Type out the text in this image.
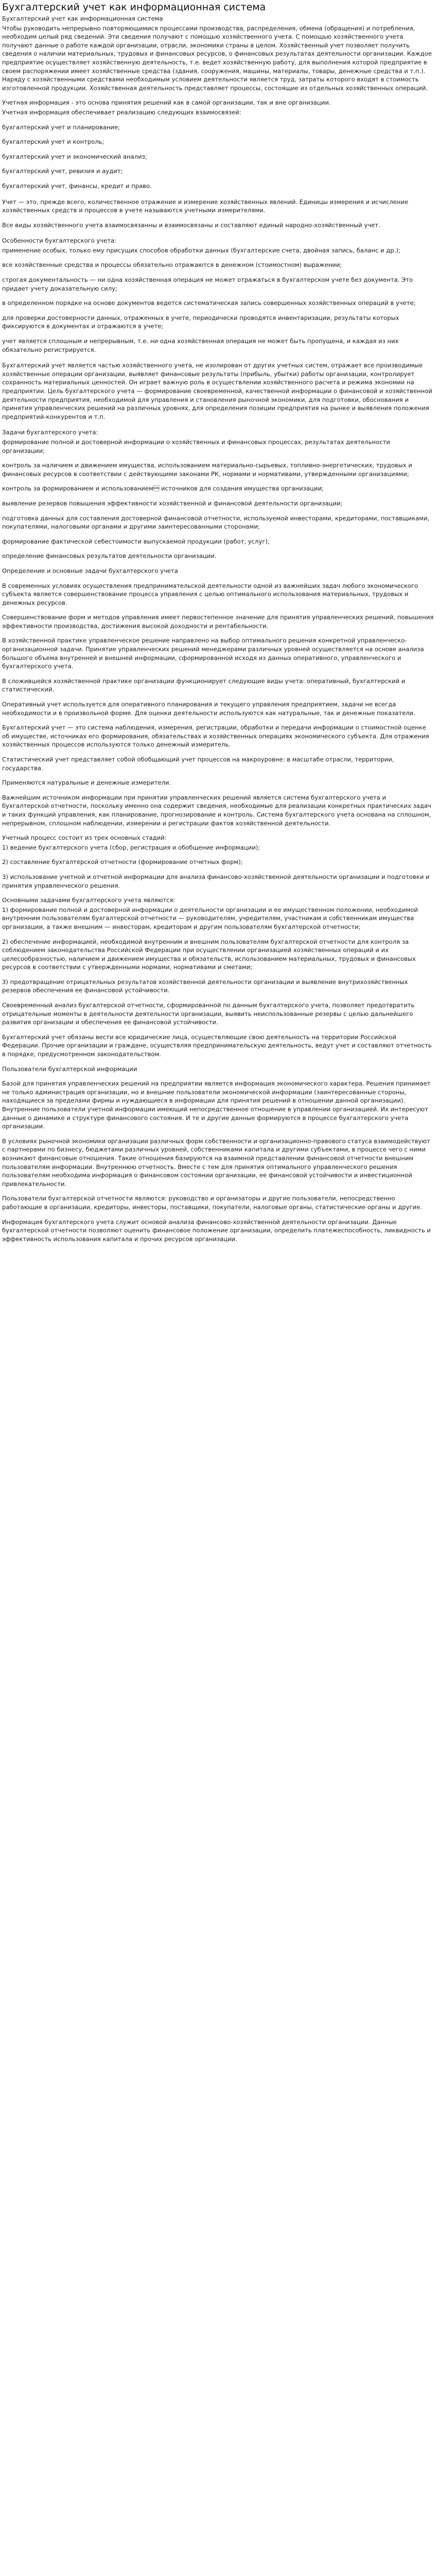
Бухгалтерский учет как информационная система

Бухгалтерский учет как информационная система

Чтобы руководить непрерывно повторяющимися процессами производства, распределения, обмена (обращения) и потребления, необходим целый ряд сведений. Эти сведения получают с помощью хозяйственного учета. С помощью хозяйственного учета получают данные о работе каждой организации, отрасли, экономики страны в целом. Хозяйственный учет позволяет получить сведения о наличии материальных, трудовых и финансовых ресурсов, о финансовых результатах деятельности организации. Каждое предприятие осуществляет хозяйственную деятельность, т.е. ведет хозяйственную работу, для выполнения которой предприятие в своем распоряжении имеет хозяйственные средства (здания, сооружения, машины, материалы, товары, денежные средства и т.п.). Наряду с хозяйственными средствами необходимым условием деятельности является труд, затраты которого входят в стоимость изготовленной продукции. Хозяйственная деятельность представляет процессы, состоящие из отдельных хозяйственных операций.

Учетная информация - это основа принятия решений как в самой организации, так и вне организации.

Учетная информация обеспечивает реализацию следующих взаимосвязей:

бухгалтерский учет и планирование;

бухгалтерский учет и контроль;

бухгалтерский учет и экономический анализ;

бухгалтерский учет, ревизия и аудит;

бухгалтерский учет, финансы, кредит и право.

Учет — это, прежде всего, количественное отражение и измерение хозяйственных явлений. Единицы измерения и исчисление хозяйственных средств и процессов в учете называются учетными измерителями.

Все виды хозяйственного учета взаимосвязанны и взаимосвязаны и составляют единый народно-хозяйственный учет.

Особенности бухгалтерского учета:

применение особых, только ему присущих способов обработки данных (бухгалтерские счета, двойная запись, баланс и др.);

все хозяйственные средства и процессы обязательно отражаются в денежном (стоимостном) выражении;

строгая документальность — ни одна хозяйственная операция не может отражаться в бухгалтерском учете без документа. Это придает учету доказательную силу;

в определенном порядке на основе документов ведется систематическая запись совершенных хозяйственных операций в учете;

для проверки достоверности данных, отраженных в учете, периодически проводятся инвентаризации, результаты которых фиксируются в документах и отражаются в учете;

учет является сплошным и непрерывным, т.е. ни одна хозяйственная операция не может быть пропущена, и каждая из них обязательно регистрируется.

Бухгалтерский учет является частью хозяйственного учета, не изолирован от других учетных систем, отражает все производимые хозяйственные операции организации, выявляет финансовые результаты (прибыль, убытки) работы организации, контролирует сохранность материальных ценностей. Он играет важную роль в осуществлении хозяйственного расчета и режима экономии на предприятии. Цель бухгалтерского учета — формирование своевременной, качественной информации о финансовой и хозяйственной деятельности предприятия, необходимой для управления и становления рыночной экономики, для подготовки, обоснования и принятия управленческих решений на различных уровнях, для определения позиции предприятия на рынке и выявления положения предприятий-конкурентов и т.п.

Задачи бухгалтерского учета:

формирование полной и достоверной информации о хозяйственных и финансовых процессах, результатах деятельности организации;

контроль за наличием и движением имущества, использованием материально-сырьевых, топливно-энергетических, трудовых и финансовых ресурсов в соответствии с действующими законами РК, нормами и нормативами, утвержденными организациями;

контроль за формированием и использованием источников для создания имущества организации;

выявление резервов повышения эффективности хозяйственной и финансовой деятельности организации;

подготовка данных для составления достоверной финансовой отчетности, используемой инвесторами, кредиторами, поставщиками, покупателями, налоговыми органами и другими заинтересованными сторонами;

формирование фактической себестоимости выпускаемой продукции (работ, услуг);

определение финансовых результатов деятельности организации.

Определение и основные задачи бухгалтерского учета

В современных условиях осуществления предпринимательской деятельности одной из важнейших задач любого экономического субъекта является совершенствование процесса управления с целью оптимального использования материальных, трудовых и денежных ресурсов.

Совершенствование форм и методов управления имеет первостепенное значение для принятия управленческих решений, повышения эффективности производства, достижения высокой доходности и рентабельности.

В хозяйственной практике управленческое решение направлено на выбор оптимального решения конкретной управленческо-организационной задачи. Принятие управленческих решений менеджерами различных уровней осуществляется на основе анализа большого объема внутренней и внешней информации, сформированной исходя из данных оперативного, управленческого и бухгалтерского учета.

В сложившейся хозяйственной практике организации функционирует следующие виды учета: оперативный, бухгалтерский и статистический.

Оперативный учет используется для оперативного планирования и текущего управления предприятием, задачи не всегда необходимости и в произвольной форме. Для оценки деятельности используются как натуральные, так и денежные показатели.

Бухгалтерский учет — это система наблюдения, измерения, регистрации, обработки и передачи информации о стоимостной оценке об имуществе, источниках его формирования, обязательствах и хозяйственных операциях экономического субъекта. Для отражения хозяйственных процессов используются только денежный измеритель.

Статистический учет представляет собой обобщающий учет процессов на макроуровне: в масштабе отрасли, территории, государства.

Применяются натуральные и денежные измерители.

Важнейшим источником информации при принятии управленческих решений является система бухгалтерского учета и бухгалтерской отчетности, поскольку именно она содержит сведения, необходимые для реализации конкретных практических задач и таких функций управления, как планирование, прогнозирование и контроль. Система бухгалтерского учета основана на сплошном, непрерывном, сплошном наблюдении, измерении и регистрации фактов хозяйственной деятельности.

Учетный процесс состоит из трех основных стадий:

1) ведение бухгалтерского учета (сбор, регистрация и обобщение информации);

2) составление бухгалтерской отчетности (формирование отчетных форм);

3) использование учетной и отчетной информации для анализа финансово-хозяйственной деятельности организации и подготовки и принятия управленческого решения.

Основными задачами бухгалтерского учета являются:

1) формирование полной и достоверной информации о деятельности организации и ее имущественном положении, необходимой внутренним пользователям бухгалтерской отчетности — руководителям, учредителям, участникам и собственникам имущества организации, а также внешним — инвесторам, кредиторам и другим пользователям бухгалтерской отчетности;

2) обеспечение информацией, необходимой внутренним и внешним пользователям бухгалтерской отчетности для контроля за соблюдением законодательства Российской Федерации при осуществлении организацией хозяйственных операций и их целесообразностью, наличием и движением имущества и обязательств, использованием материальных, трудовых и финансовых ресурсов в соответствии с утвержденными нормами, нормативами и сметами;

3) предотвращение отрицательных результатов хозяйственной деятельности организации и выявление внутрихозяйственных резервов обеспечения ее финансовой устойчивости.

Своевременный анализ бухгалтерской отчетности, сформированной по данным бухгалтерского учета, позволяет предотвратить отрицательные моменты в деятельности деятельности организации, выявить неиспользованные резервы с целью дальнейшего развития организации и обеспечения ее финансовой устойчивости.

Бухгалтерский учет обязаны вести все юридические лица, осуществляющие свою деятельность на территории Российской Федерации. Прочие организации и граждане, осуществляя предпринимательскую деятельность, ведут учет и составляют отчетность в порядке, предусмотренном законодательством.

Пользователи бухгалтерской информации

Базой для принятия управленческих решений на предприятии является информация экономического характера. Решения принимает не только администрация организации, но и внешние пользователи экономической информации (заинтересованные стороны, находящиеся за пределами фирмы и нуждающиеся в информации для принятия решений в отношении данной организации). Внутренние пользователи учетной информации имеющий непосредственное отношение в управлении организацией. Их интересуют данные о динамике и структуре финансового состояния. И те и другие данные формируются в процессе бухгалтерского учета организации.

В условиях рыночной экономики организации различных форм собственности и организационно-правового статуса взаимодействуют с партнерами по бизнесу, бюджетами различных уровней, собственниками капитала и другими субъектами, в процессе чего с ними возникают финансовые отношения. Такие отношения базируются на взаимной представлении финансовой отчетности внешним пользователям информации. Внутреннюю отчетность. Вместе с тем для принятия оптимального управленческого решения пользователям необходима информация о финансовом состоянии организации, ее финансовой устойчивости и инвестиционной привлекательности.

Пользователи бухгалтерской отчетности являются: руководство и организаторы и другие пользователи, непосредственно работающие в организации, кредиторы, инвесторы, поставщики, покупатели, налоговые органы, статистические органы и другие.

Информация бухгалтерского учета служит основой анализа финансово-хозяйственной деятельности организации. Данные бухгалтерской отчетности позволяют оценить финансовое положение организации, определить платежеспособность, ликвидность и эффективность использования капитала и прочих ресурсов организации.
